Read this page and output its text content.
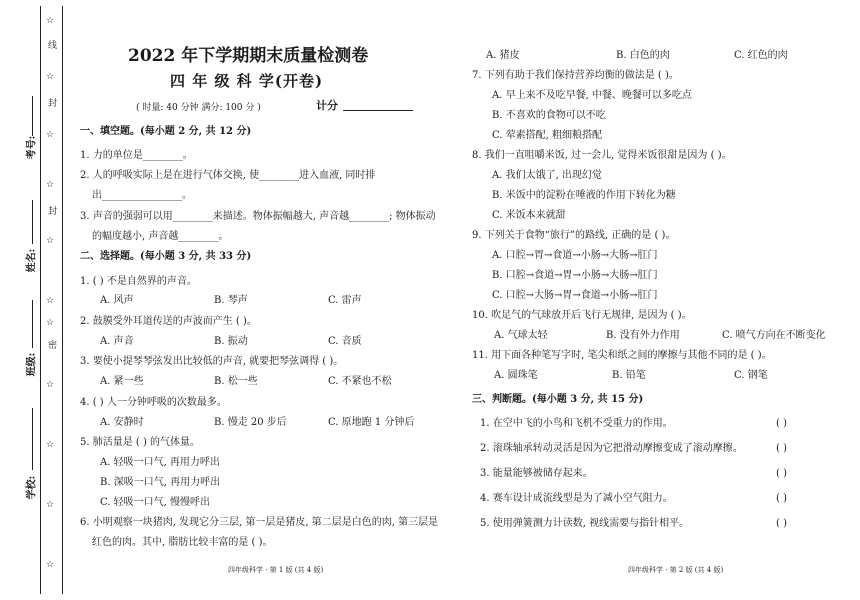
线
封
封
密
☆
☆
☆
☆
☆
☆
☆
☆
☆
☆
☆
考号:
姓名:
班级:
学校:
2022 年下学期期末质量检测卷
四 年 级 科 学(开卷)
( 时量: 40 分钟 满分: 100 分 )	计分
一、填空题。(每小题 2 分, 共 12 分)
1. 力的单位是________。
2. 人的呼吸实际上是在进行气体交换, 使________进入血液, 同时排
出________________。
3. 声音的强弱可以用________来描述。物体振幅越大, 声音越________; 物体振动
的幅度越小, 声音越________。
二、选择题。(每小题 3 分, 共 33 分)
1. ( ) 不是自然界的声音。
A. 风声	B. 琴声	C. 雷声
2. 鼓膜受外耳道传送的声波而产生 ( )。
A. 声音	B. 振动	C. 音质
3. 要使小提琴琴弦发出比较低的声音, 就要把琴弦调得 ( )。
A. 紧一些	B. 松一些	C. 不紧也不松
4. ( ) 人一分钟呼吸的次数最多。
A. 安静时	B. 慢走 20 步后	C. 原地跑 1 分钟后
5. 肺活量是 ( ) 的气体量。
A. 轻吸一口气, 再用力呼出
B. 深吸一口气, 再用力呼出
C. 轻吸一口气, 慢慢呼出
6. 小明观察一块猪肉, 发现它分三层, 第一层是猪皮, 第二层是白色的肉, 第三层是
红色的肉。其中, 脂肪比较丰富的是 ( )。
四年级科学 · 第 1 版 (共 4 版)
A. 猪皮	B. 白色的肉	C. 红色的肉
7. 下列有助于我们保持营养均衡的做法是 ( )。
A. 早上来不及吃早餐, 中餐、晚餐可以多吃点
B. 不喜欢的食物可以不吃
C. 荤素搭配, 粗细粮搭配
8. 我们一直咀嚼米饭, 过一会儿, 觉得米饭很甜是因为 ( )。
A. 我们太饿了, 出现幻觉
B. 米饭中的淀粉在唾液的作用下转化为糖
C. 米饭本来就甜
9. 下列关于食物“旅行”的路线, 正确的是 ( )。
A. 口腔→胃→食道→小肠→大肠→肛门
B. 口腔→食道→胃→小肠→大肠→肛门
C. 口腔→大肠→胃→食道→小肠→肛门
10. 吹足气的气球放开后飞行无规律, 是因为 ( )。
A. 气球太轻	B. 没有外力作用	C. 喷气方向在不断变化
11. 用下面各种笔写字时, 笔尖和纸之间的摩擦与其他不同的是 ( )。
A. 圆珠笔	B. 铅笔	C. 钢笔
三、判断题。(每小题 3 分, 共 15 分)
1. 在空中飞的小鸟和飞机不受重力的作用。	( )
2. 滚珠轴承转动灵活是因为它把滑动摩擦变成了滚动摩擦。	( )
3. 能量能够被储存起来。	( )
4. 赛车设计成流线型是为了减小空气阻力。	( )
5. 使用弹簧测力计读数, 视线需要与指针相平。	( )
四年级科学 · 第 2 版 (共 4 版)
